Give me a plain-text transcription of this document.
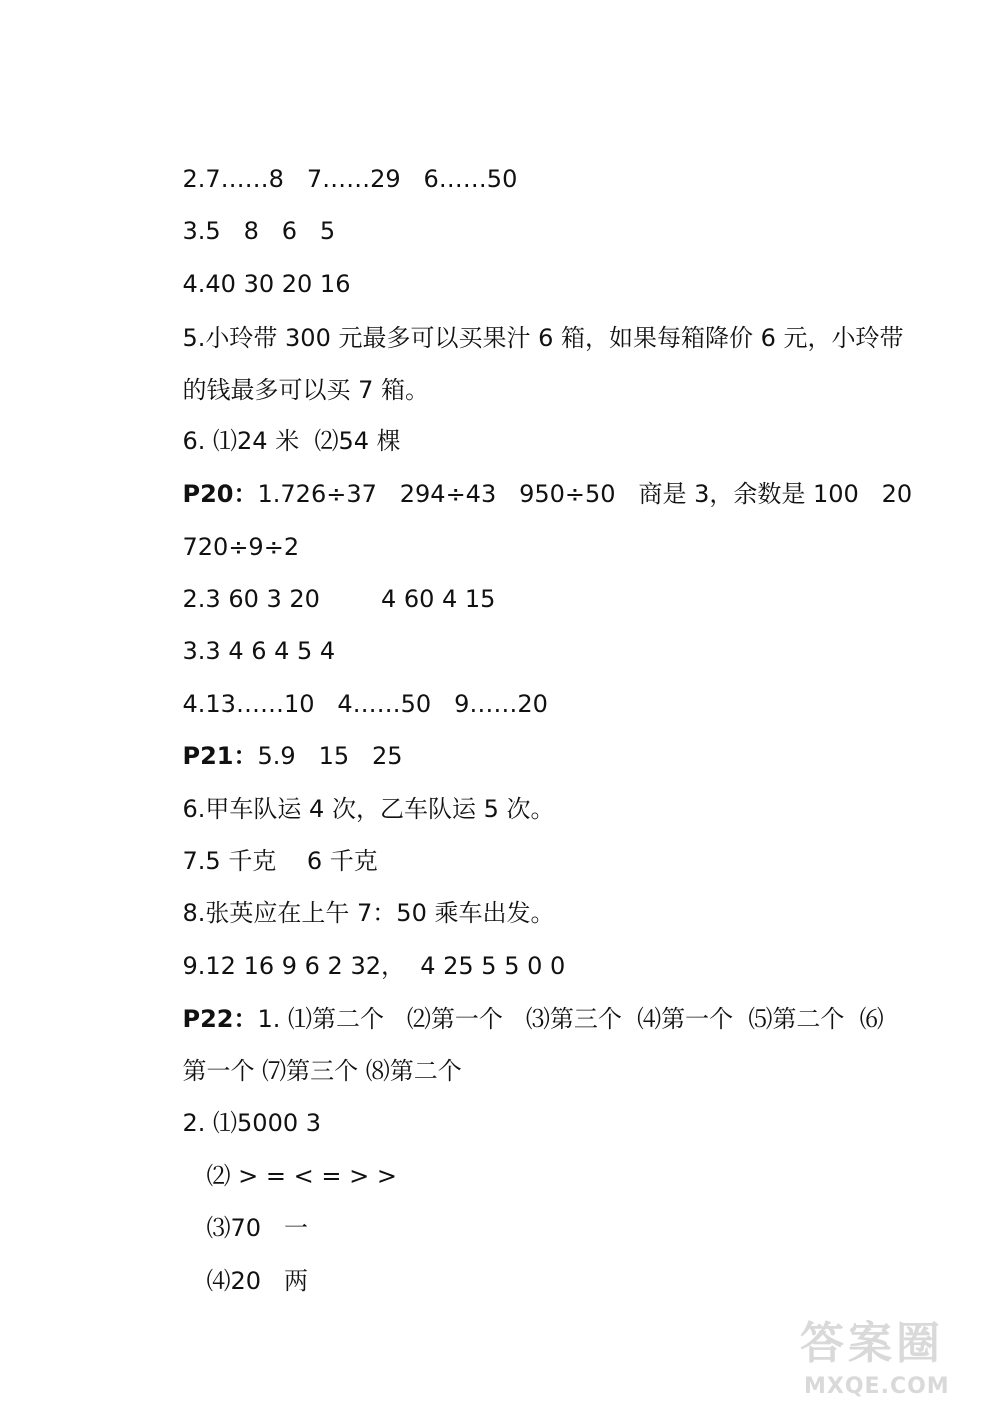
2.7……8   7……29   6……50

3.5   8   6   5

4.40 30 20 16

5.小玲带 300 元最多可以买果汁 6 箱，如果每箱降价 6 元，小玲带

的钱最多可以买 7 箱。

6. ⑴24 米  ⑵54 棵

P20：1.726÷37   294÷43   950÷50   商是 3，余数是 100   20

720÷9÷2

2.3 60 3 20        4 60 4 15

3.3 4 6 4 5 4

4.13……10   4……50   9……20

P21：5.9   15   25

6.甲车队运 4 次，乙车队运 5 次。

7.5 千克    6 千克

8.张英应在上午 7：50 乘车出发。

9.12 16 9 6 2 32，  4 25 5 5 0 0

P22：1. ⑴第二个   ⑵第一个   ⑶第三个  ⑷第一个  ⑸第二个  ⑹

第一个 ⑺第三个 ⑻第二个

2. ⑴5000 3

⑵ > = < = > >

⑶70   一

⑷20   两

答案圈
MXQE.COM
